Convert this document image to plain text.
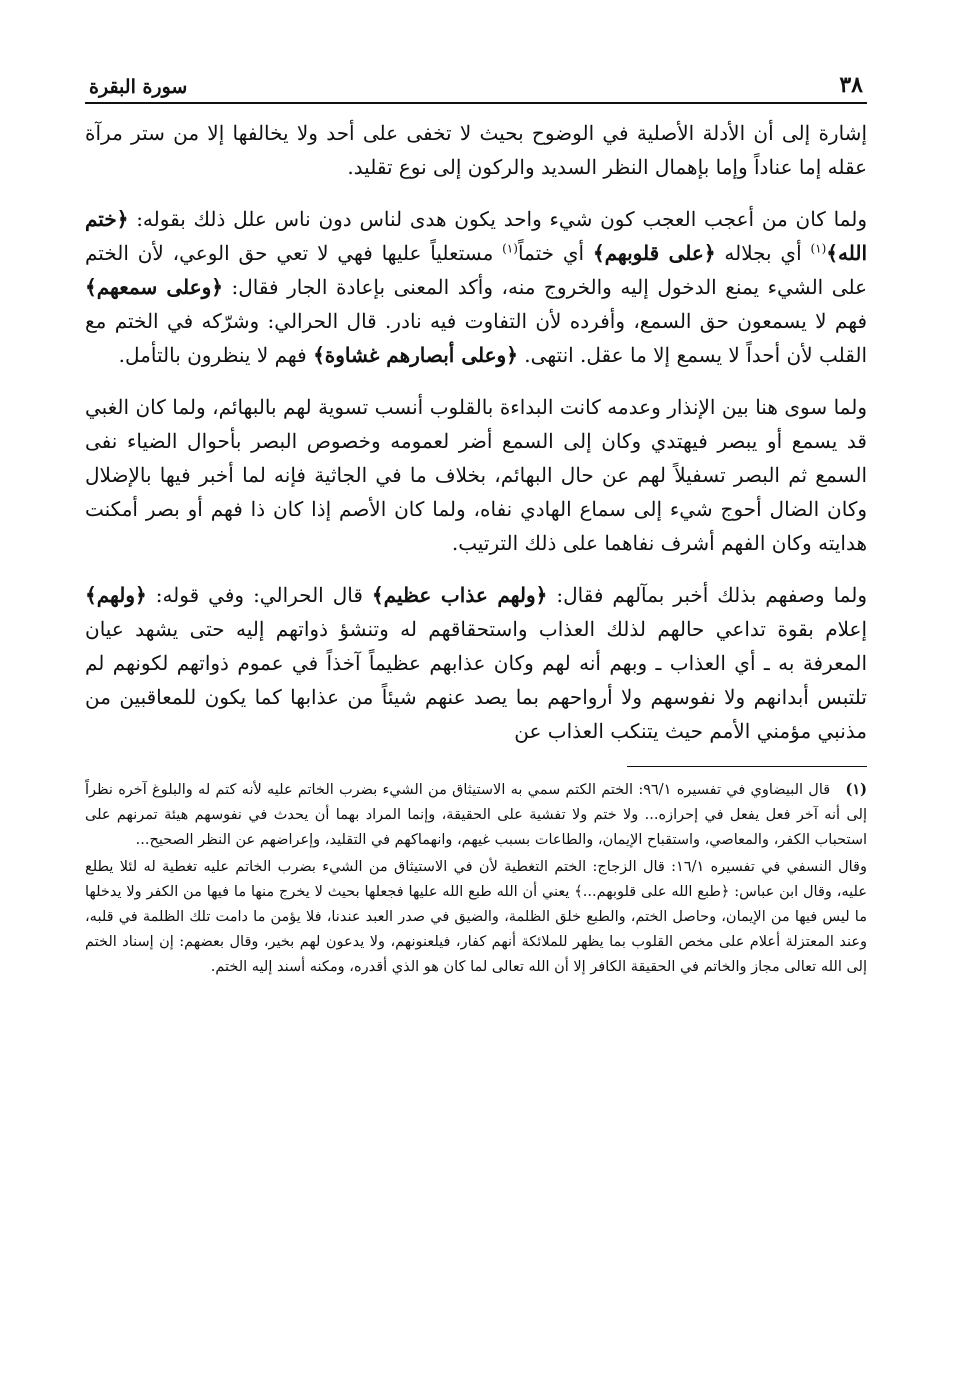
٣٨
سورة البقرة

إشارة إلى أن الأدلة الأصلية في الوضوح بحيث لا تخفى على أحد ولا يخالفها إلا من ستر مرآة عقله إما عناداً وإما بإهمال النظر السديد والركون إلى نوع تقليد.

ولما كان من أعجب العجب كون شيء واحد يكون هدى لناس دون ناس علل ذلك بقوله: ﴿ختم الله﴾$^{(١)}$ أي بجلاله ﴿على قلوبهم﴾ أي ختماً$^{(١)}$ مستعلياً عليها فهي لا تعي حق الوعي، لأن الختم على الشيء يمنع الدخول إليه والخروج منه، وأكد المعنى بإعادة الجار فقال: ﴿وعلى سمعهم﴾ فهم لا يسمعون حق السمع، وأفرده لأن التفاوت فيه نادر. قال الحرالي: وشرّكه في الختم مع القلب لأن أحداً لا يسمع إلا ما عقل. انتهى. ﴿وعلى أبصارهم غشاوة﴾ فهم لا ينظرون بالتأمل.

ولما سوى هنا بين الإنذار وعدمه كانت البداءة بالقلوب أنسب تسوية لهم بالبهائم، ولما كان الغبي قد يسمع أو يبصر فيهتدي وكان إلى السمع أضر لعمومه وخصوص البصر بأحوال الضياء نفى السمع ثم البصر تسفيلاً لهم عن حال البهائم، بخلاف ما في الجاثية فإنه لما أخبر فيها بالإضلال وكان الضال أحوج شيء إلى سماع الهادي نفاه، ولما كان الأصم إذا كان ذا فهم أو بصر أمكنت هدايته وكان الفهم أشرف نفاهما على ذلك الترتيب.

ولما وصفهم بذلك أخبر بمآلهم فقال: ﴿ولهم عذاب عظيم﴾ قال الحرالي: وفي قوله: ﴿ولهم﴾ إعلام بقوة تداعي حالهم لذلك العذاب واستحقاقهم له وتنشؤ ذواتهم إليه حتى يشهد عيان المعرفة به ـ أي العذاب ـ وبهم أنه لهم وكان عذابهم عظيماً آخذاً في عموم ذواتهم لكونهم لم تلتبس أبدانهم ولا نفوسهم ولا أرواحهم بما يصد عنهم شيئاً من عذابها كما يكون للمعاقبين من مذنبي مؤمني الأمم حيث يتنكب العذاب عن

(١) قال البيضاوي في تفسيره ٩٦/١: الختم الكتم سمي به الاستيثاق من الشيء بضرب الخاتم عليه لأنه كتم له والبلوغ آخره نظراً إلى أنه آخر فعل يفعل في إحرازه... ولا ختم ولا تفشية على الحقيقة، وإنما المراد بهما أن يحدث في نفوسهم هيئة تمرنهم على استحباب الكفر، والمعاصي، واستقباح الإيمان، والطاعات بسبب غيهم، وانهماكهم في التقليد، وإعراضهم عن النظر الصحيح...

وقال النسفي في تفسيره ١٦/١: قال الزجاج: الختم التغطية لأن في الاستيثاق من الشيء بضرب الخاتم عليه تغطية له لئلا يطلع عليه، وقال ابن عباس: ﴿طبع الله على قلوبهم...﴾ يعني أن الله طبع الله عليها فجعلها بحيث لا يخرج منها ما فيها من الكفر ولا يدخلها ما ليس فيها من الإيمان، وحاصل الختم، والطبع خلق الظلمة، والضيق في صدر العبد عندنا، فلا يؤمن ما دامت تلك الظلمة في قلبه، وعند المعتزلة أعلام على مخص القلوب بما يظهر للملائكة أنهم كفار، فيلعنونهم، ولا يدعون لهم بخير، وقال بعضهم: إن إسناد الختم إلى الله تعالى مجاز والخاتم في الحقيقة الكافر إلا أن الله تعالى لما كان هو الذي أقدره، ومكنه أسند إليه الختم.
